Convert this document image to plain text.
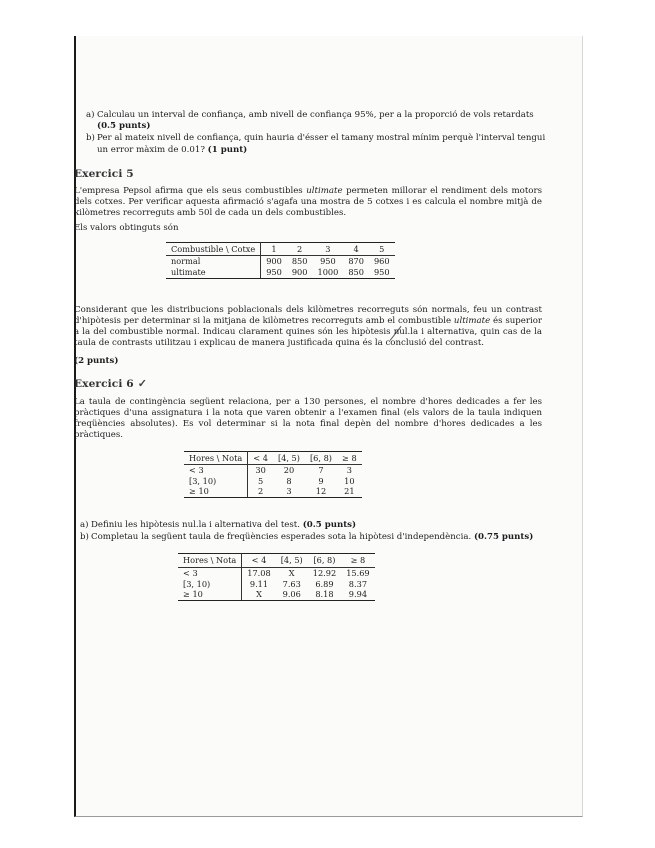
a) Calculau un interval de confiança, amb nivell de confiança 95%, per a la proporció de vols retardats (0.5 punts)
b) Per al mateix nivell de confiança, quin hauria d'ésser el tamany mostral mínim perquè l'interval tengui un error màxim de 0.01? (1 punt)
Exercici 5

L'empresa Pepsol afirma que els seus combustibles ultimate permeten millorar el rendiment dels motors dels cotxes. Per verificar aquesta afirmació s'agafa una mostra de 5 cotxes i es calcula el nombre mitjà de kilòmetres recorreguts amb 50l de cada un dels combustibles.

Els valors obtinguts són

Combustible \ Cotxe	1	2	3	4	5
normal	900	850	950	870	960
ultimate	950	900	1000	850	950

Considerant que les distribucions poblacionals dels kilòmetres recorreguts són normals, feu un contrast d'hipòtesis per determinar si la mitjana de kilòmetres recorreguts amb el combustible ultimate és superior a la del combustible normal. Indicau clarament quines són les hipòtesis nul.la i alternativa, quin cas de la taula de contrasts utilitzau i explicau de manera justificada quina és la conclusió del contrast.

(2 punts)

Exercici 6 ✓

La taula de contingència següent relaciona, per a 130 persones, el nombre d'hores dedicades a fer les pràctiques d'una assignatura i la nota que varen obtenir a l'examen final (els valors de la taula indiquen freqüències absolutes). Es vol determinar si la nota final depèn del nombre d'hores dedicades a les pràctiques.

Hores \ Nota	< 4	[4, 5)	[6, 8)	≥ 8
< 3	30	20	7	3
[3, 10)	5	8	9	10
≥ 10	2	3	12	21
a) Definiu les hipòtesis nul.la i alternativa del test. (0.5 punts)
b) Completau la següent taula de freqüències esperades sota la hipòtesi d'independència. (0.75 punts)
Hores \ Nota	< 4	[4, 5)	[6, 8)	≥ 8
< 3	17.08	X	12.92	15.69
[3, 10)	9.11	7.63	6.89	8.37
≥ 10	X	9.06	8.18	9.94
